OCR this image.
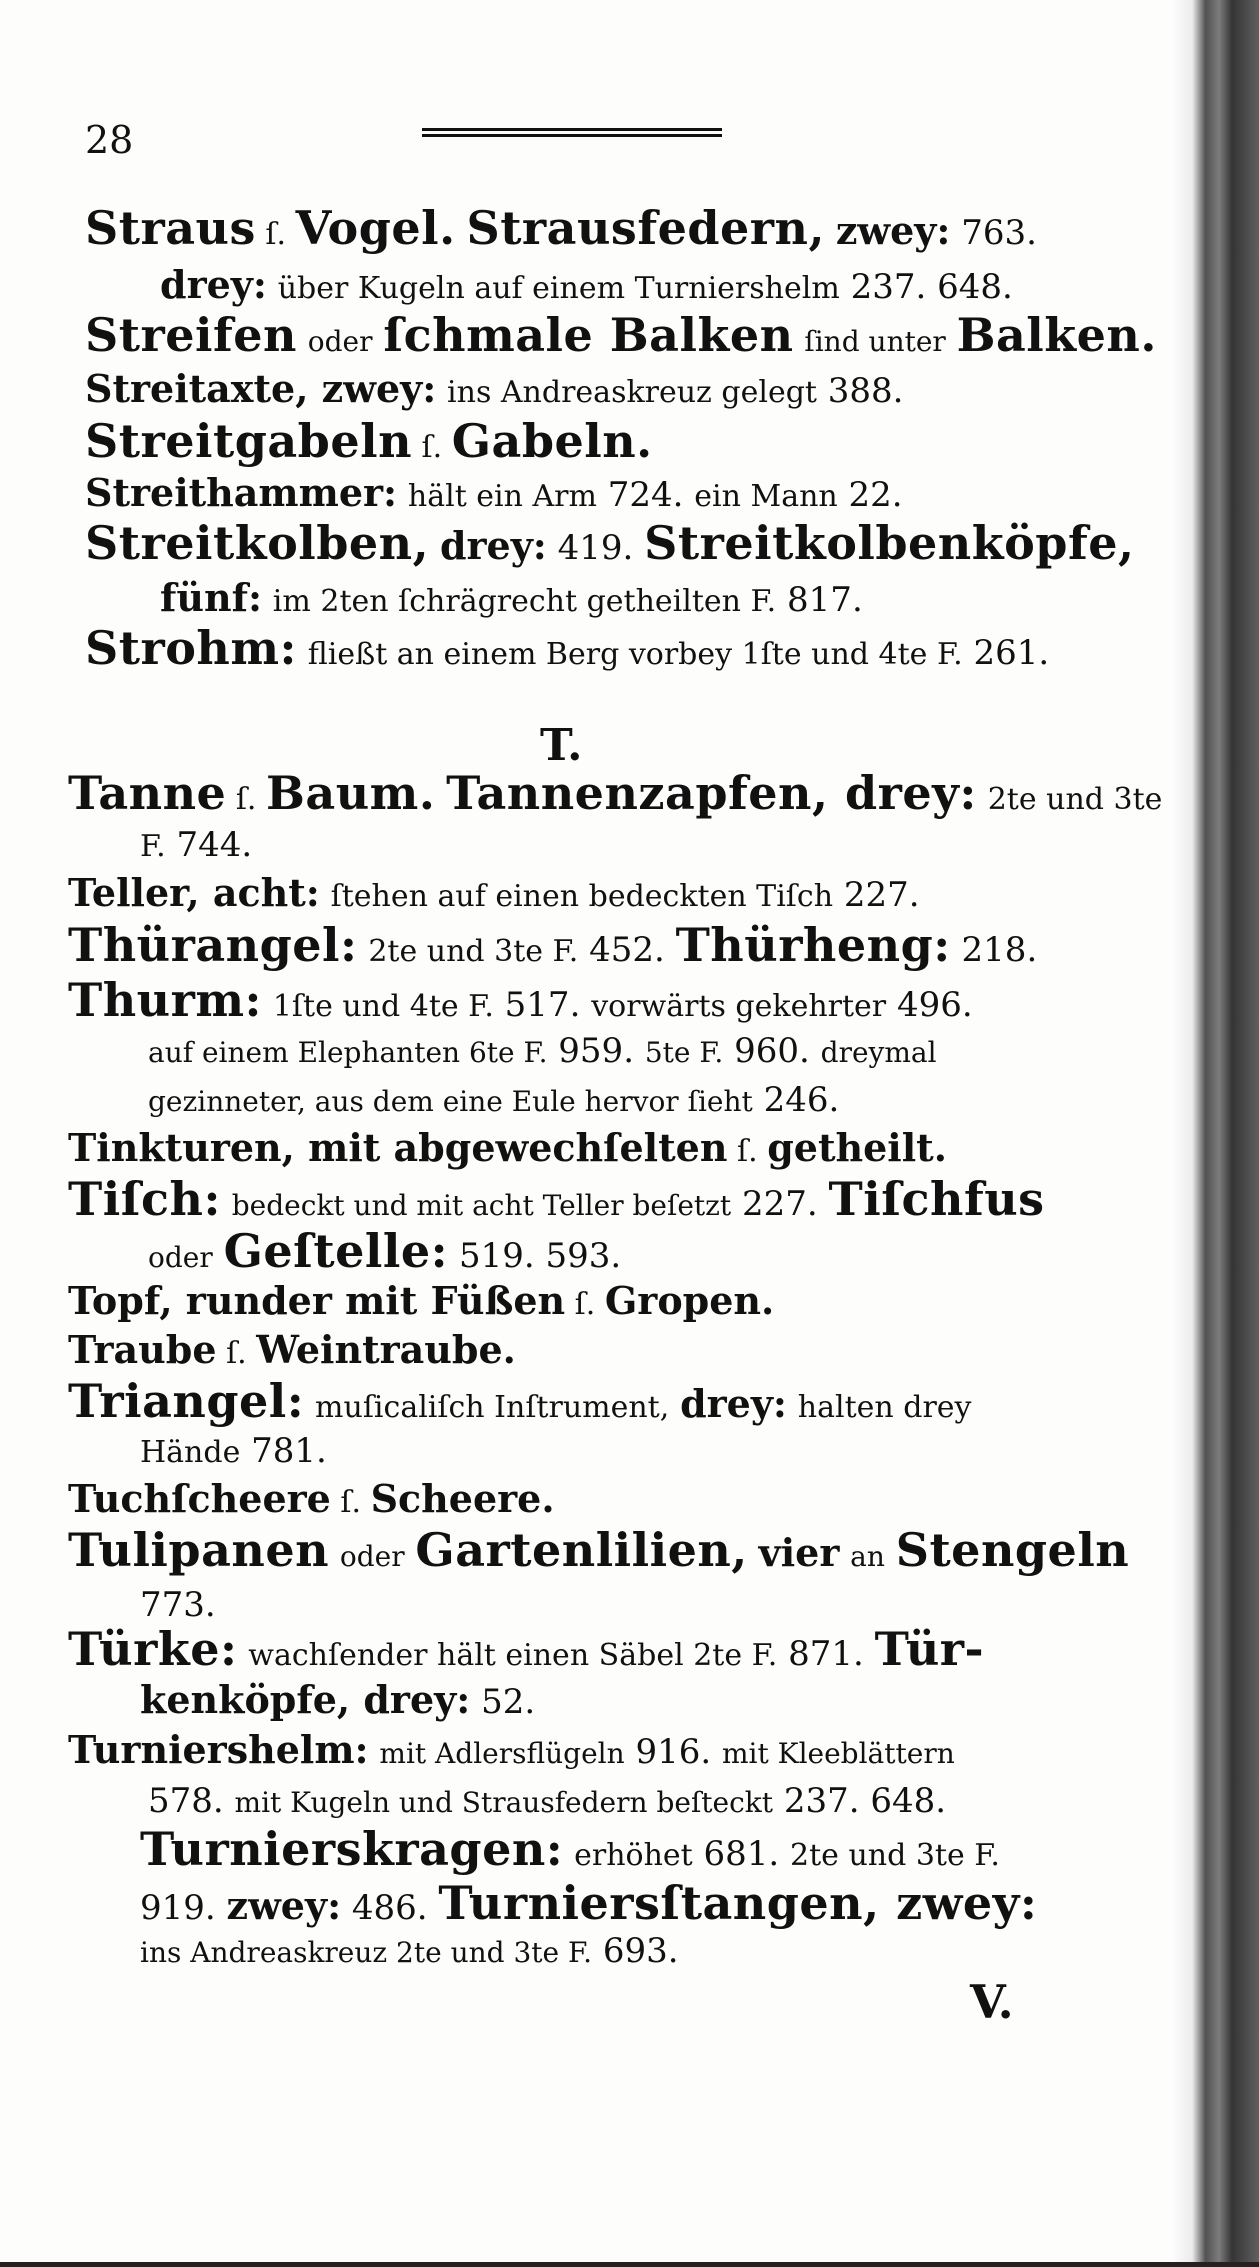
28
Straus ſ. Vogel. Strausfedern, zwey: 763.
drey: über Kugeln auf einem Turniershelm 237. 648.
Streifen oder ſchmale Balken ſind unter Balken.
Streitaxte, zwey: ins Andreaskreuz gelegt 388.
Streitgabeln ſ. Gabeln.
Streithammer: hält ein Arm 724. ein Mann 22.
Streitkolben, drey: 419. Streitkolbenköpfe,
fünf: im 2ten ſchrägrecht getheilten F. 817.
Strohm: fließt an einem Berg vorbey 1ſte und 4te F. 261.
T.
Tanne ſ. Baum. Tannenzapfen, drey: 2te und 3te
F. 744.
Teller, acht: ſtehen auf einen bedeckten Tiſch 227.
Thürangel: 2te und 3te F. 452. Thürheng: 218.
Thurm: 1ſte und 4te F. 517. vorwärts gekehrter 496.
auf einem Elephanten 6te F. 959. 5te F. 960. dreymal
gezinneter, aus dem eine Eule hervor ſieht 246.
Tinkturen, mit abgewechſelten ſ. getheilt.
Tiſch: bedeckt und mit acht Teller beſetzt 227. Tiſchfus
oder Geſtelle: 519. 593.
Topf, runder mit Füßen ſ. Gropen.
Traube ſ. Weintraube.
Triangel: muſicaliſch Inſtrument, drey: halten drey
Hände 781.
Tuchſcheere ſ. Scheere.
Tulipanen oder Gartenlilien, vier an Stengeln
773.
Türke: wachſender hält einen Säbel 2te F. 871. Tür-
kenköpfe, drey: 52.
Turniershelm: mit Adlersflügeln 916. mit Kleeblättern
578. mit Kugeln und Strausfedern beſteckt 237. 648.
Turnierskragen: erhöhet 681. 2te und 3te F.
919. zwey: 486. Turniersſtangen, zwey:
ins Andreaskreuz 2te und 3te F. 693.
V.
